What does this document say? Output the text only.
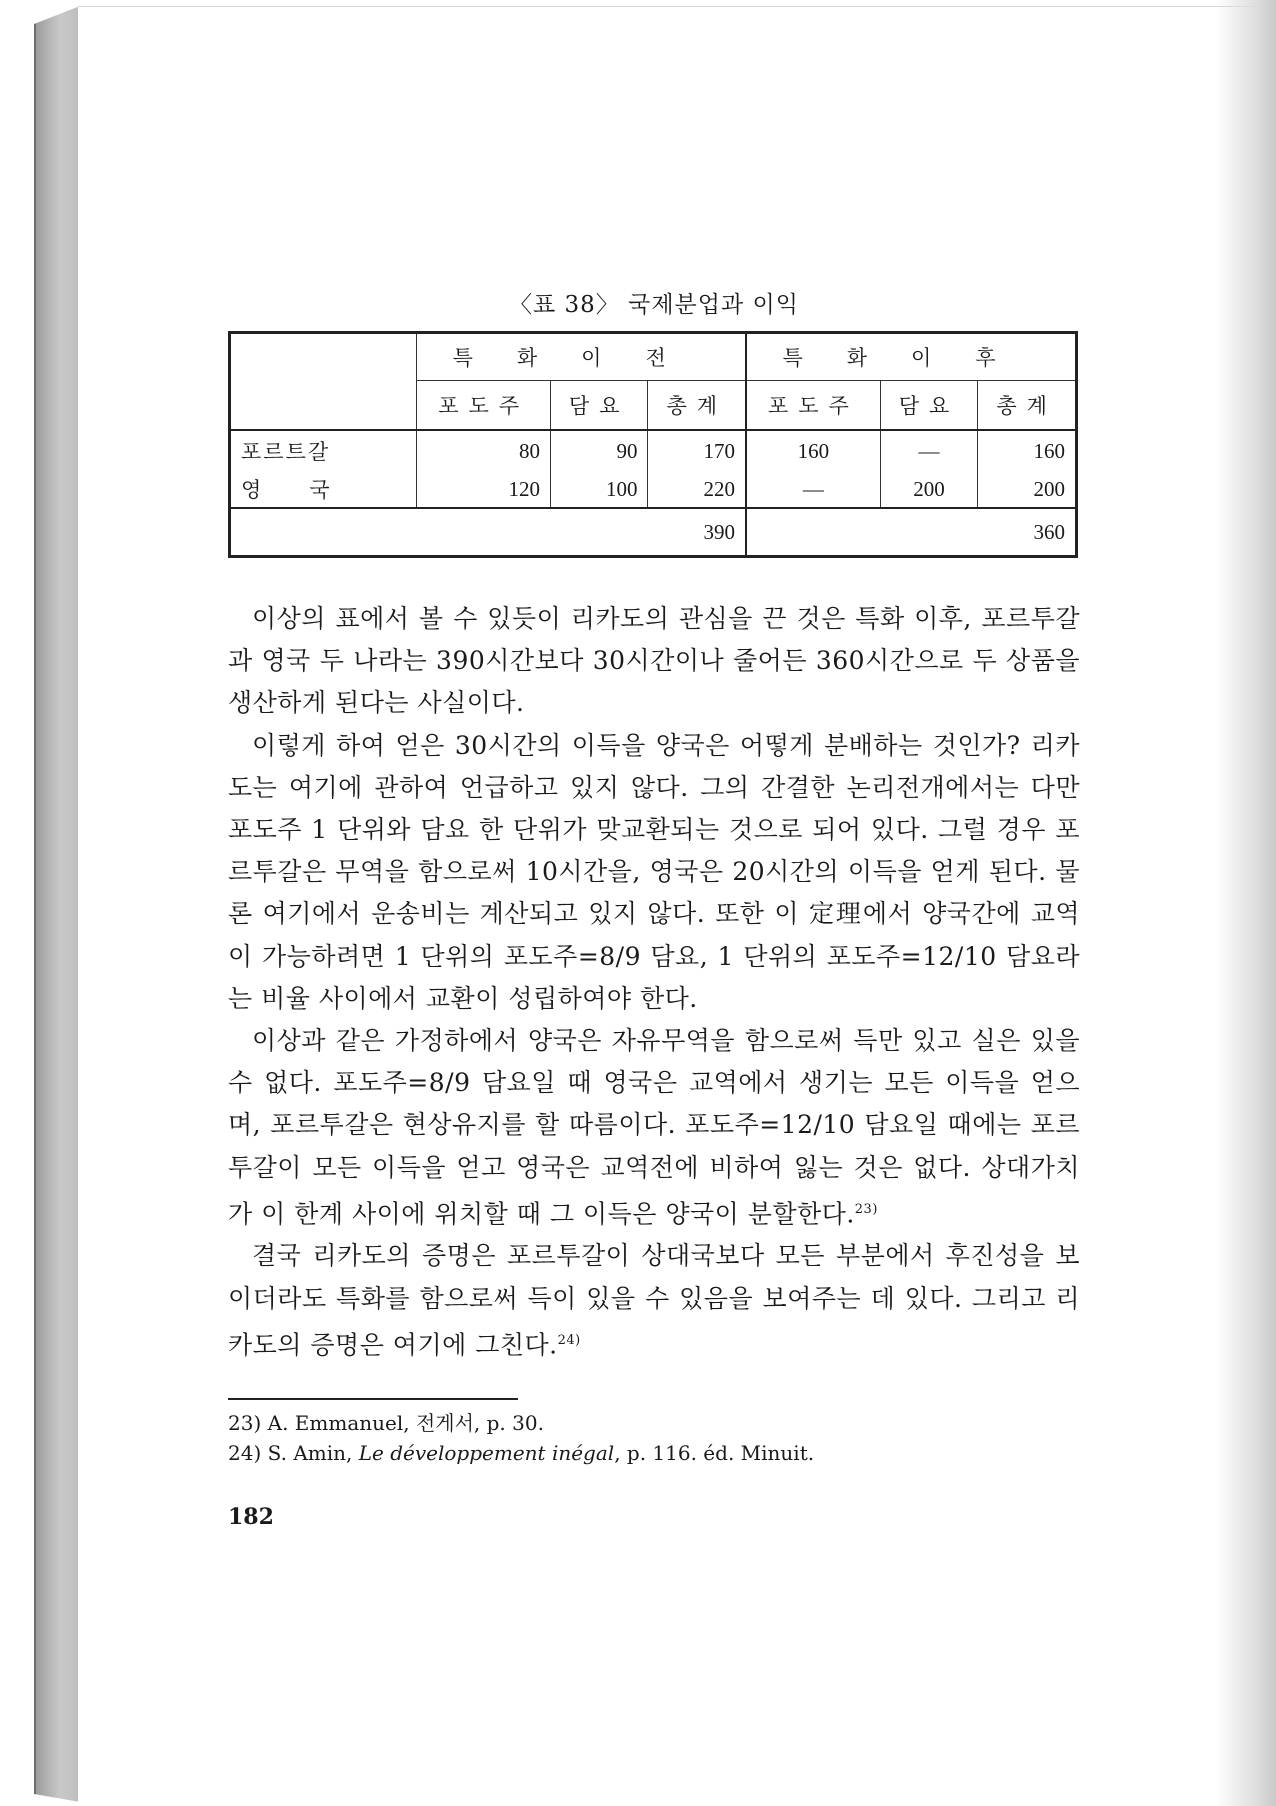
〈표 38〉 국제분업과 이익
	특화이전			특화이후		
	포도주	담요	총계	포도주	담요	총계
포르트갈	80	90	170	160	—	160
영국	120	100	220	—	200	200
390				360		

이상의 표에서 볼 수 있듯이 리카도의 관심을 끈 것은 특화 이후, 포르투갈과 영국 두 나라는 390시간보다 30시간이나 줄어든 360시간으로 두 상품을 생산하게 된다는 사실이다.

이렇게 하여 얻은 30시간의 이득을 양국은 어떻게 분배하는 것인가? 리카도는 여기에 관하여 언급하고 있지 않다. 그의 간결한 논리전개에서는 다만 포도주 1 단위와 담요 한 단위가 맞교환되는 것으로 되어 있다. 그럴 경우 포르투갈은 무역을 함으로써 10시간을, 영국은 20시간의 이득을 얻게 된다. 물론 여기에서 운송비는 계산되고 있지 않다. 또한 이 定理에서 양국간에 교역이 가능하려면 1 단위의 포도주=8/9 담요, 1 단위의 포도주=12/10 담요라는 비율 사이에서 교환이 성립하여야 한다.

이상과 같은 가정하에서 양국은 자유무역을 함으로써 득만 있고 실은 있을 수 없다. 포도주=8/9 담요일 때 영국은 교역에서 생기는 모든 이득을 얻으며, 포르투갈은 현상유지를 할 따름이다. 포도주=12/10 담요일 때에는 포르투갈이 모든 이득을 얻고 영국은 교역전에 비하여 잃는 것은 없다. 상대가치가 이 한계 사이에 위치할 때 그 이득은 양국이 분할한다.$^{23)}$

결국 리카도의 증명은 포르투갈이 상대국보다 모든 부분에서 후진성을 보이더라도 특화를 함으로써 득이 있을 수 있음을 보여주는 데 있다. 그리고 리카도의 증명은 여기에 그친다.$^{24)}$

23) A. Emmanuel, 전게서, p. 30.

24) S. Amin, Le développement inégal, p. 116. éd. Minuit.

182
